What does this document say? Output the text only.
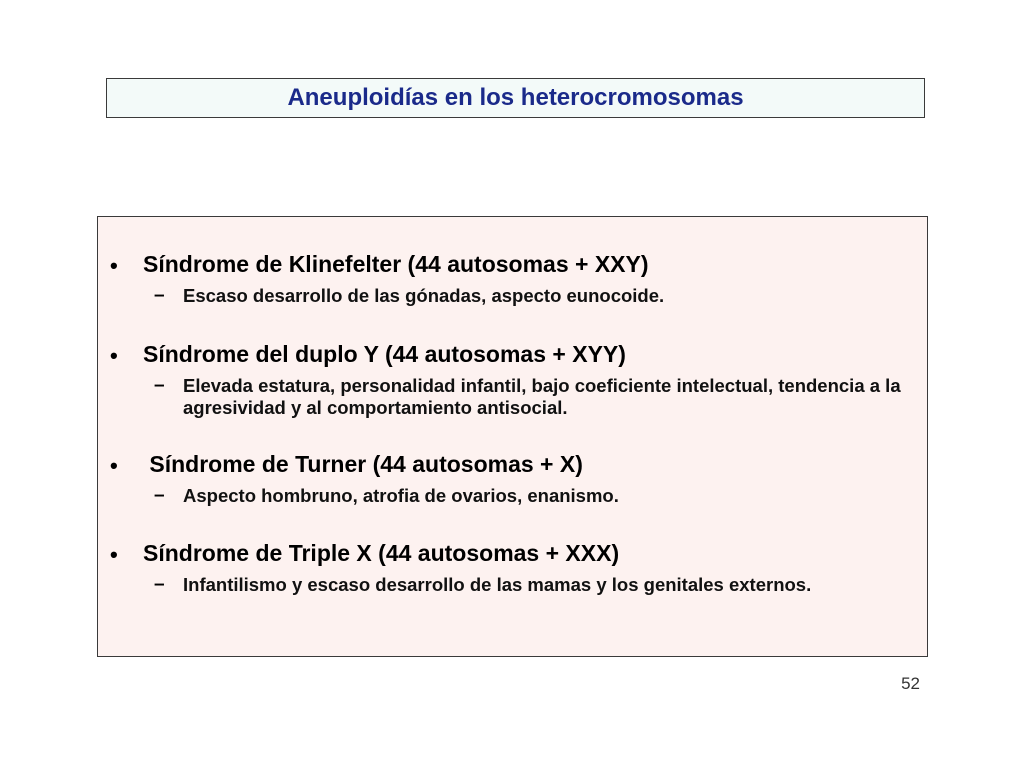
Aneuploidías en los heterocromosomas
• Síndrome de Klinefelter (44 autosomas + XXY)
– Escaso desarrollo de las gónadas, aspecto eunocoide.
• Síndrome del duplo Y (44 autosomas + XYY)
– Elevada estatura, personalidad infantil, bajo coeficiente intelectual, tendencia a la agresividad y al comportamiento antisocial.
• Síndrome de Turner (44 autosomas + X)
– Aspecto hombruno, atrofia de ovarios, enanismo.
• Síndrome de Triple X (44 autosomas + XXX)
– Infantilismo y escaso desarrollo de las mamas y los genitales externos.
52
